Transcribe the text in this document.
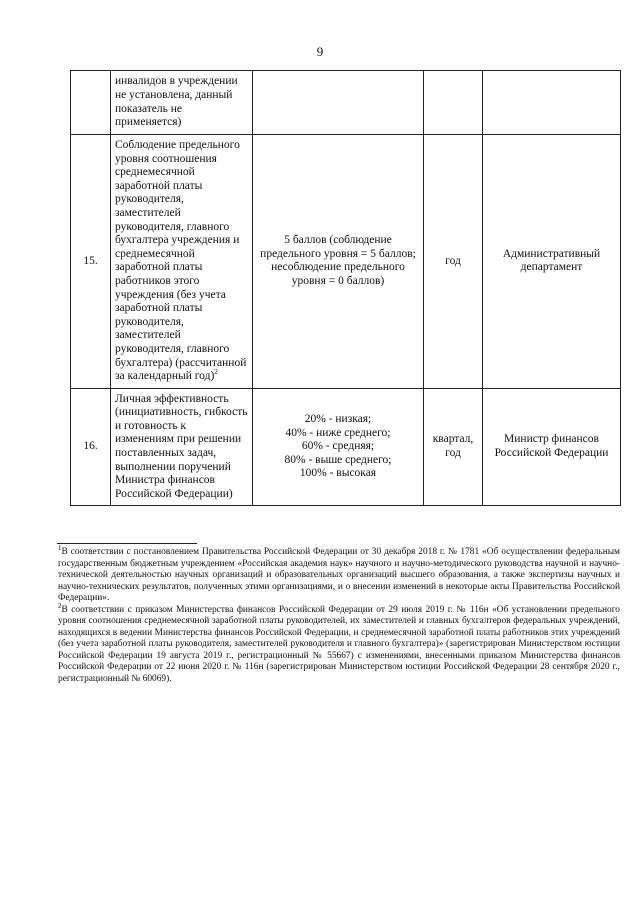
9
	инвалидов в учреждении не установлена, данный показатель не применяется)			
15.	Соблюдение предельного уровня соотношения среднемесячной заработной платы руководителя, заместителей руководителя, главного бухгалтера учреждения и среднемесячной заработной платы работников этого учреждения (без учета заработной платы руководителя, заместителей руководителя, главного бухгалтера) (рассчитанной за календарный год)$^2$	5 баллов (соблюдение предельного уровня = 5 баллов; несоблюдение предельного уровня = 0 баллов)	год	Административный департамент
16.	Личная эффективность (инициативность, гибкость и готовность к изменениям при решении поставленных задач, выполнении поручений Министра финансов Российской Федерации)	20% - низкая;
40% - ниже среднего;
60% - средняя;
80% - выше среднего;
100% - высокая	квартал, год	Министр финансов Российской Федерации

$^1$В соответствии с постановлением Правительства Российской Федерации от 30 декабря 2018 г. № 1781 «Об осуществлении федеральным государственным бюджетным учреждением «Российская академия наук» научного и научно-методического руководства научной и научно-технической деятельностью научных организаций и образовательных организаций высшего образования, а также экспертизы научных и научно-технических результатов, полученных этими организациями, и о внесении изменений в некоторые акты Правительства Российской Федерации».

$^2$В соответствии с приказом Министерства финансов Российской Федерации от 29 июля 2019 г. № 116н «Об установлении предельного уровня соотношения среднемесячной заработной платы руководителей, их заместителей и главных бухгалтеров федеральных учреждений, находящихся в ведении Министерства финансов Российской Федерации, и среднемесячной заработной платы работников этих учреждений (без учета заработной платы руководителя, заместителей руководителя и главного бухгалтера)» (зарегистрирован Министерством юстиции Российской Федерации 19 августа 2019 г., регистрационный № 55667) с изменениями, внесенными приказом Министерства финансов Российской Федерации от 22 июня 2020 г. № 116н (зарегистрирован Министерством юстиции Российской Федерации 28 сентября 2020 г., регистрационный № 60069).
